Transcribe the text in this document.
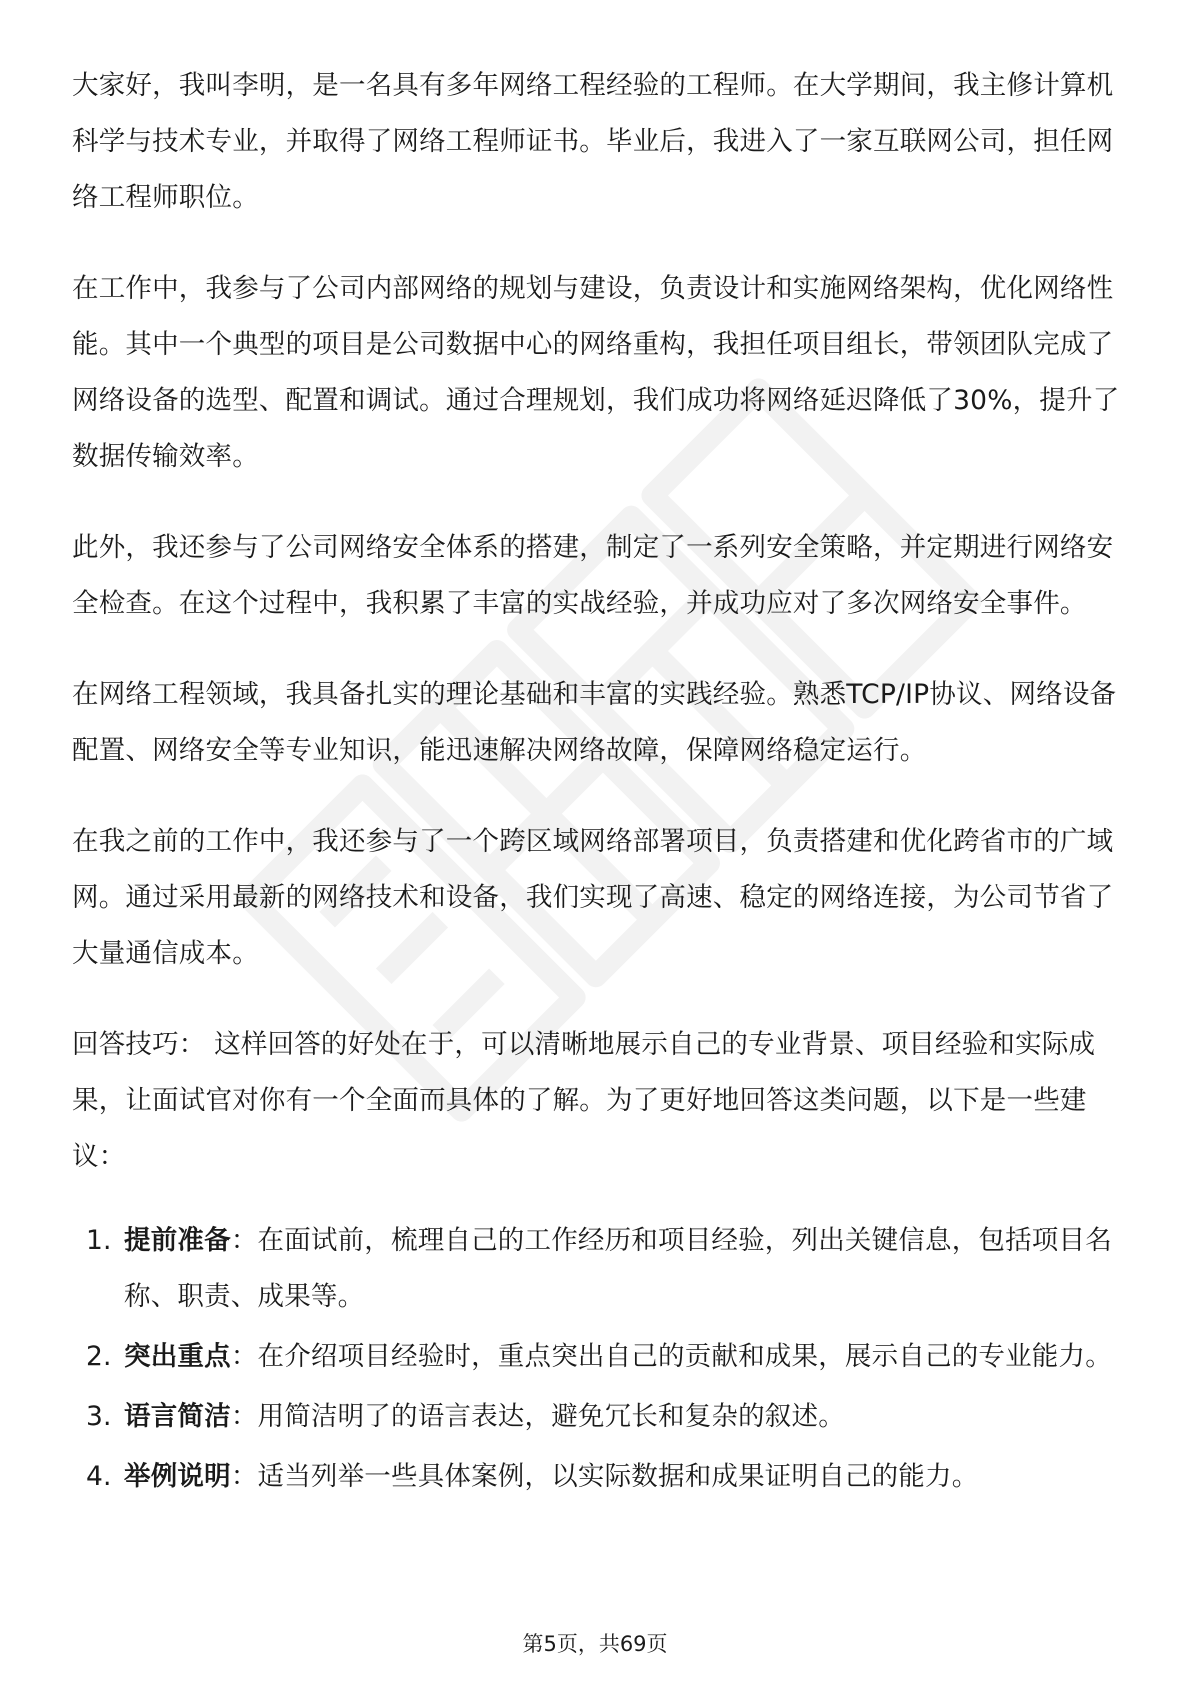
大家好，我叫李明，是一名具有多年网络工程经验的工程师。在大学期间，我主修计算机科学与技术专业，并取得了网络工程师证书。毕业后，我进入了一家互联网公司，担任网络工程师职位。

在工作中，我参与了公司内部网络的规划与建设，负责设计和实施网络架构，优化网络性能。其中一个典型的项目是公司数据中心的网络重构，我担任项目组长，带领团队完成了网络设备的选型、配置和调试。通过合理规划，我们成功将网络延迟降低了30%，提升了数据传输效率。

此外，我还参与了公司网络安全体系的搭建，制定了一系列安全策略，并定期进行网络安全检查。在这个过程中，我积累了丰富的实战经验，并成功应对了多次网络安全事件。

在网络工程领域，我具备扎实的理论基础和丰富的实践经验。熟悉TCP/IP协议、网络设备配置、网络安全等专业知识，能迅速解决网络故障，保障网络稳定运行。

在我之前的工作中，我还参与了一个跨区域网络部署项目，负责搭建和优化跨省市的广域网。通过采用最新的网络技术和设备，我们实现了高速、稳定的网络连接，为公司节省了大量通信成本。

回答技巧： 这样回答的好处在于，可以清晰地展示自己的专业背景、项目经验和实际成果，让面试官对你有一个全面而具体的了解。为了更好地回答这类问题，以下是一些建议：

1. 提前准备：在面试前，梳理自己的工作经历和项目经验，列出关键信息，包括项目名称、职责、成果等。
2. 突出重点：在介绍项目经验时，重点突出自己的贡献和成果，展示自己的专业能力。
3. 语言简洁：用简洁明了的语言表达，避免冗长和复杂的叙述。
4. 举例说明：适当列举一些具体案例，以实际数据和成果证明自己的能力。
第5页，共69页
